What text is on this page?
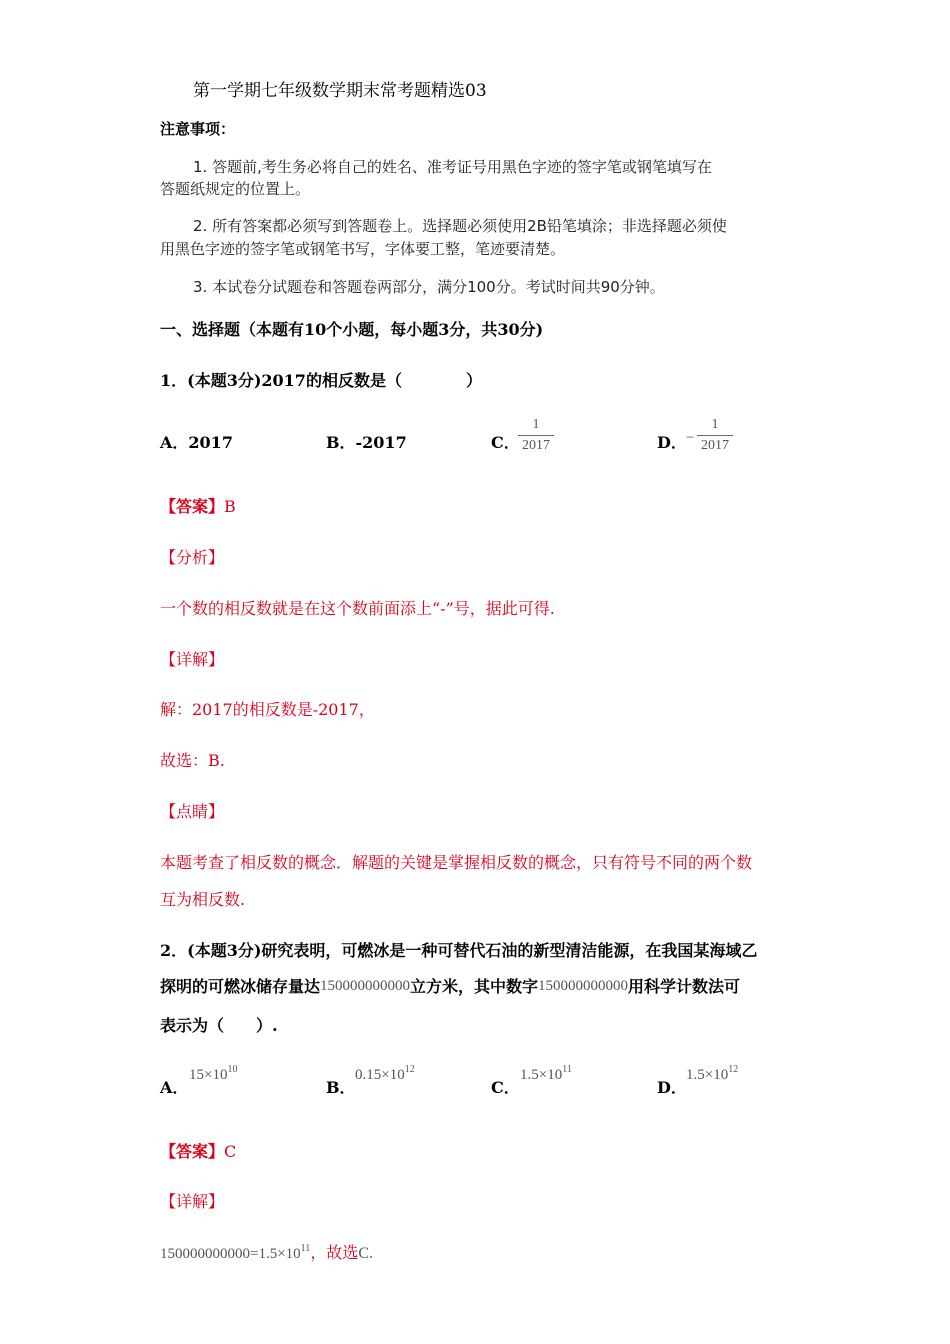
第一学期七年级数学期末常考题精选03
注意事项：
1. 答题前,考生务必将自己的姓名、准考证号用黑色字迹的签字笔或钢笔填写在
答题纸规定的位置上。
2. 所有答案都必须写到答题卷上。选择题必须使用2B铅笔填涂；非选择题必须使
用黑色字迹的签字笔或钢笔书写，字体要工整，笔迹要清楚。
3. 本试卷分试题卷和答题卷两部分，满分100分。考试时间共90分钟。
一、选择题（本题有10个小题，每小题3分，共30分)
1．(本题3分)2017的相反数是（　　　　）
A．2017	B．-2017	C．
1
2017	D． −
1
2017
【答案】B
【分析】
一个数的相反数就是在这个数前面添上“-”号，据此可得.
【详解】
解：2017的相反数是-2017，
故选：B.
【点睛】
本题考查了相反数的概念．解题的关键是掌握相反数的概念，只有符号不同的两个数
互为相反数.
2．(本题3分)研究表明，可燃冰是一种可替代石油的新型清洁能源，在我国某海域乙
探明的可燃冰储存量达150000000000立方米，其中数字150000000000用科学计数法可
表示为（　　）.
A．
$15\times 10^{10}$
B．
$0.15\times 10^{12}$
C．
$1.5\times 10^{11}$
D．
$1.5\times 10^{12}$
【答案】C
【详解】
$150000000000=1.5\times 10^{11}$，故选C.
